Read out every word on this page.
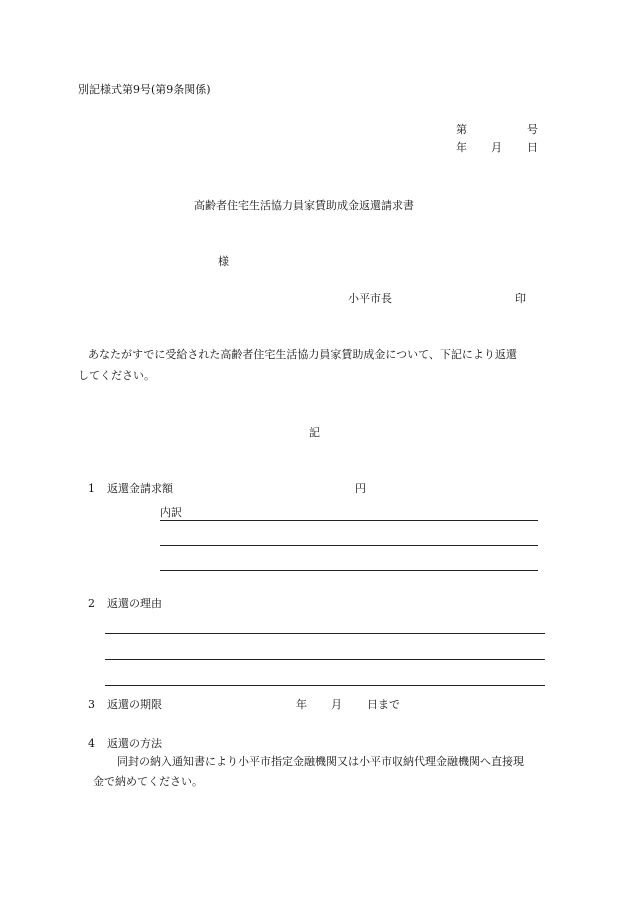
別記様式第9号(第9条関係)
第	号
年 月 日
高齢者住宅生活協力員家賃助成金返還請求書
様
小平市長	印
あなたがすでに受給された高齢者住宅生活協力員家賃助成金について、下記により返還
してください。
記
1 返還金請求額	円
内訳
2 返還の理由
3 返還の期限	年 月 日まで
4 返還の方法
同封の納入通知書により小平市指定金融機関又は小平市収納代理金融機関へ直接現
金で納めてください。
